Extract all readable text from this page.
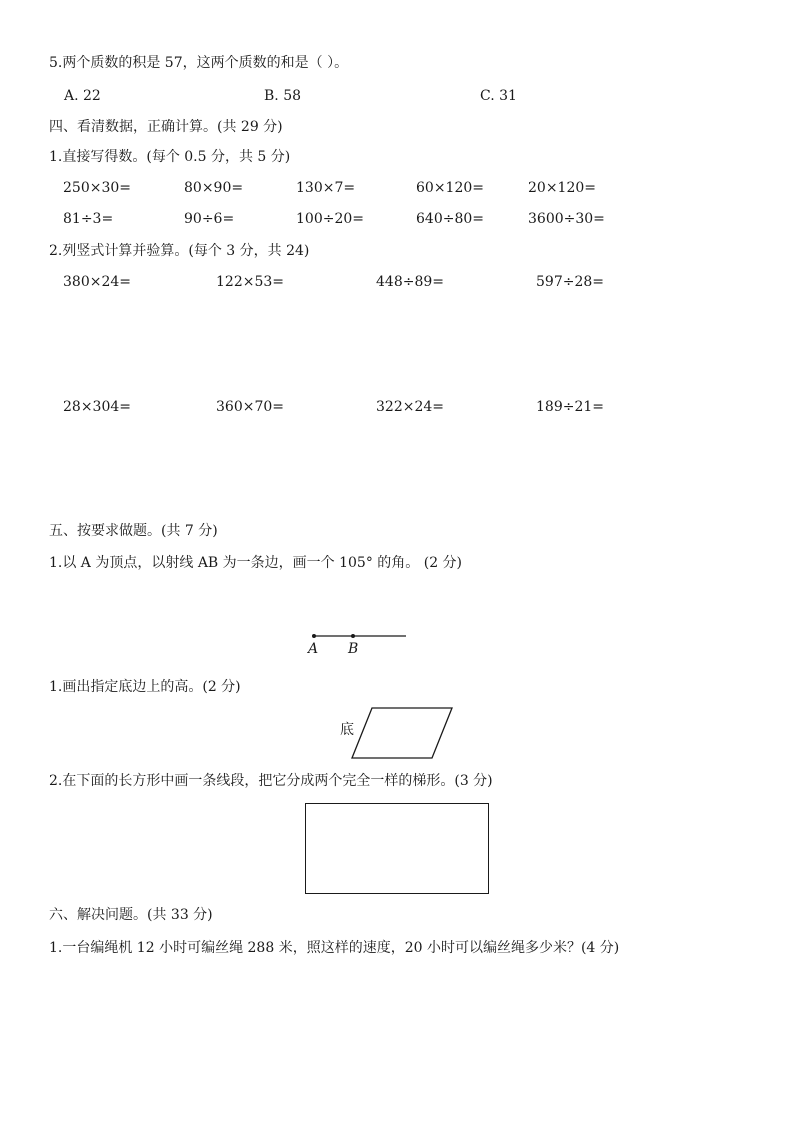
5.两个质数的积是 57，这两个质数的和是（ ）。
A. 22	B. 58	C. 31
四、看清数据，正确计算。(共 29 分)
1.直接写得数。(每个 0.5 分，共 5 分)
250×30=	80×90=	130×7=	60×120=	20×120=
81÷3=	90÷6=	100÷20=	640÷80=	3600÷30=
2.列竖式计算并验算。(每个 3 分，共 24)
380×24=	122×53=	448÷89=	597÷28=
28×304=	360×70=	322×24=	189÷21=
五、按要求做题。(共 7 分)
1.以 A 为顶点，以射线 AB 为一条边，画一个 105° 的角。 (2 分)
A B
1.画出指定底边上的高。(2 分)
底
2.在下面的长方形中画一条线段，把它分成两个完全一样的梯形。(3 分)
六、解决问题。(共 33 分)
1.一台编绳机 12 小时可编丝绳 288 米，照这样的速度，20 小时可以编丝绳多少米？(4 分)
